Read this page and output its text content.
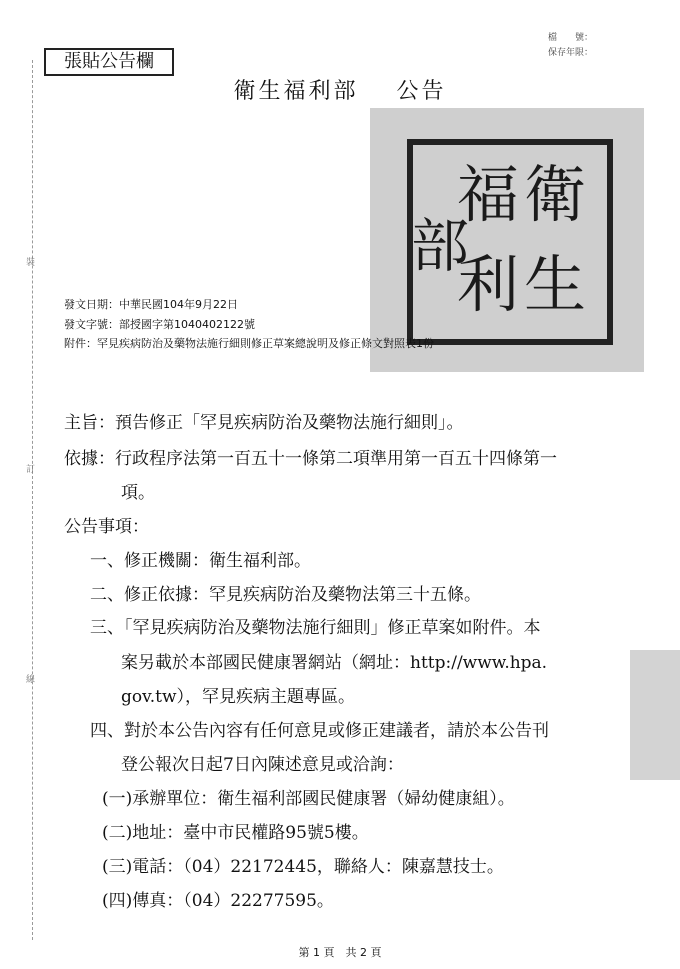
裝
訂
線
張貼公告欄
檔　　號：
保存年限：
衛生福利部 公告
衛
生
福
利
部
發文日期：中華民國104年9月22日
發文字號：部授國字第1040402122號
附件：罕見疾病防治及藥物法施行細則修正草案總說明及修正條文對照表1份
主旨：預告修正「罕見疾病防治及藥物法施行細則」。
依據：行政程序法第一百五十一條第二項準用第一百五十四條第一
項。
公告事項：
一、修正機關：衛生福利部。
二、修正依據：罕見疾病防治及藥物法第三十五條。
三、「罕見疾病防治及藥物法施行細則」修正草案如附件。本
案另載於本部國民健康署網站（網址：http://www.hpa.
gov.tw），罕見疾病主題專區。
四、對於本公告內容有任何意見或修正建議者，請於本公告刊
登公報次日起7日內陳述意見或洽詢：
(一)承辦單位：衛生福利部國民健康署（婦幼健康組）。
(二)地址：臺中市民權路95號5樓。
(三)電話：（04）22172445，聯絡人：陳嘉慧技士。
(四)傳真：（04）22277595。
第 1 頁　共 2 頁
